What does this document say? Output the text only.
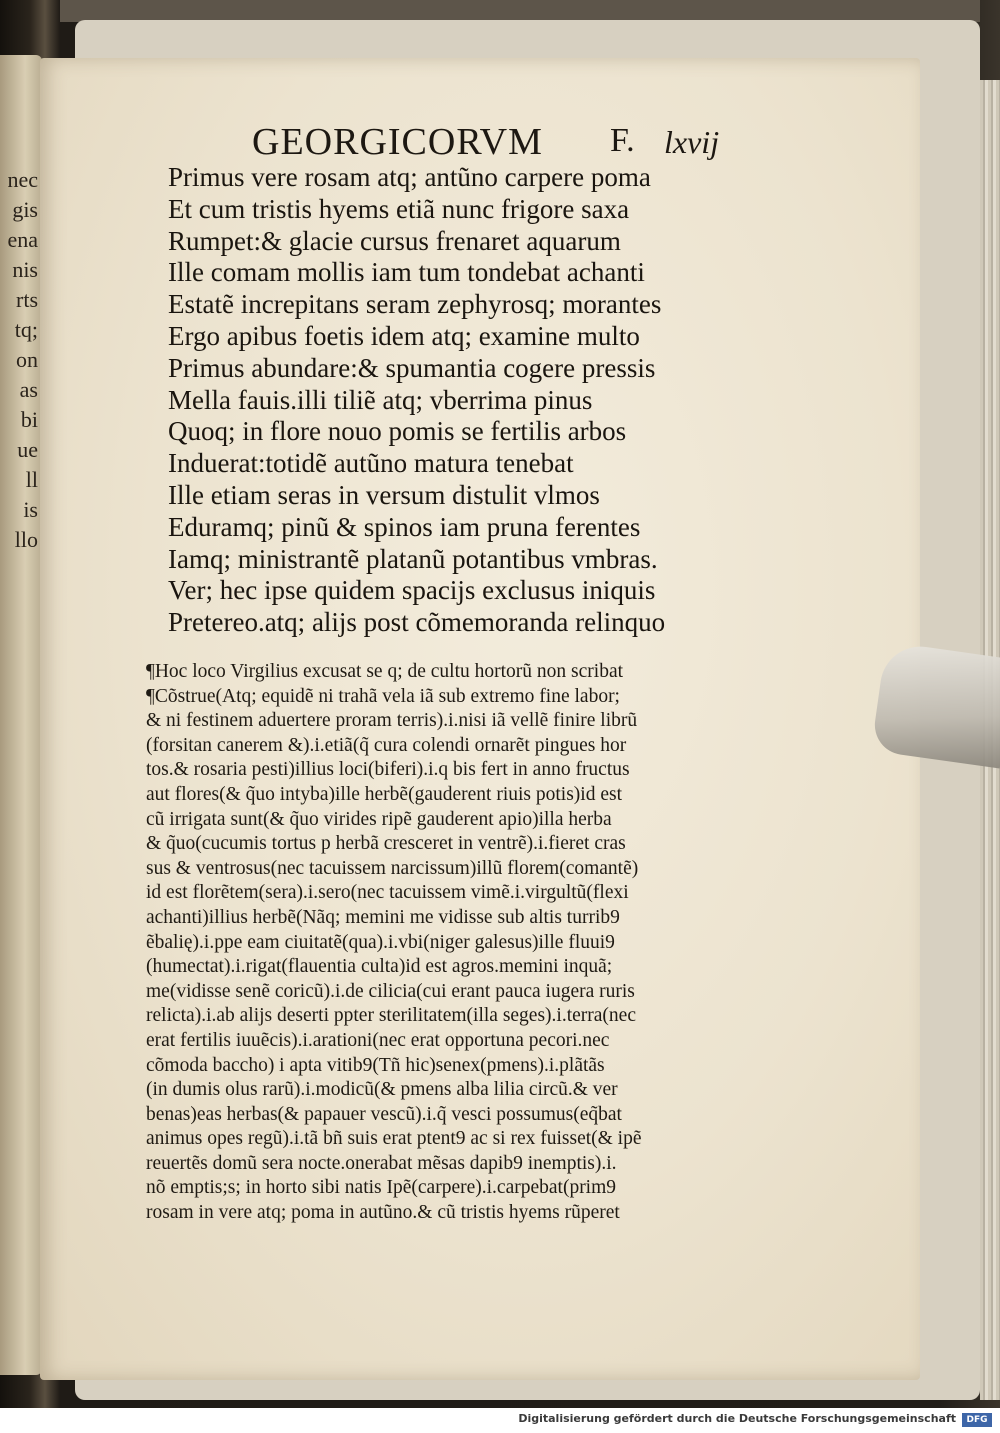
nec
gis
ena
nis
rts
tq;
on
as
bi
ue
ll
is
llo
GEORGICORVM F. lxvij
Primus vere rosam atq; antũno carpere poma
Et cum tristis hyems etiã nunc frigore saxa
Rumpet:& glacie cursus frenaret aquarum
Ille comam mollis iam tum tondebat achanti
Estatẽ increpitans seram zephyrosq; morantes
Ergo apibus foetis idem atq; examine multo
Primus abundare:& spumantia cogere pressis
Mella fauis.illi tiliẽ atq; vberrima pinus
Quoq; in flore nouo pomis se fertilis arbos
Induerat:totidẽ autũno matura tenebat
Ille etiam seras in versum distulit vlmos
Eduramq; pinũ & spinos iam pruna ferentes
Iamq; ministrantẽ platanũ potantibus vmbras.
Ver; hec ipse quidem spacijs exclusus iniquis
Pretereo.atq; alijs post cõmemoranda relinquo
¶Hoc loco Virgilius excusat se q; de cultu hortorũ non scribat
¶Cõstrue(Atq; equidẽ ni trahã vela iã sub extremo fine labor;
& ni festinem aduertere proram terris).i.nisi iã vellẽ finire librũ
(forsitan canerem &).i.etiã(q̃ cura colendi ornarẽt pingues hor
tos.& rosaria pesti)illius loci(biferi).i.q bis fert in anno fructus
aut flores(& q̃uo intyba)ille herbẽ(gauderent riuis potis)id est
cũ irrigata sunt(& q̃uo virides ripẽ gauderent apio)illa herba
& q̃uo(cucumis tortus p herbã cresceret in ventrẽ).i.fieret cras
sus & ventrosus(nec tacuissem narcissum)illũ florem(comantẽ)
id est florẽtem(sera).i.sero(nec tacuissem vimẽ.i.virgultũ(flexi
achanti)illius herbẽ(Nãq; memini me vidisse sub altis turrib9
ẽbalię).i.ppe eam ciuitatẽ(qua).i.vbi(niger galesus)ille fluui9
(humectat).i.rigat(flauentia culta)id est agros.memini inquã;
me(vidisse senẽ coricũ).i.de cilicia(cui erant pauca iugera ruris
relicta).i.ab alijs deserti ppter sterilitatem(illa seges).i.terra(nec
erat fertilis iuuẽcis).i.arationi(nec erat opportuna pecori.nec
cõmoda baccho) i apta vitib9(Tñ hic)senex(pmens).i.plãtãs
(in dumis olus rarũ).i.modicũ(& pmens alba lilia circũ.& ver
benas)eas herbas(& papauer vescũ).i.q̃ vesci possumus(eq̃bat
animus opes regũ).i.tã bñ suis erat ptent9 ac si rex fuisset(& ipẽ
reuertẽs domũ sera nocte.onerabat mẽsas dapib9 inemptis).i.
nõ emptis;s; in horto sibi natis Ipẽ(carpere).i.carpebat(prim9
rosam in vere atq; poma in autũno.& cũ tristis hyems rũperet
Digitalisierung gefördert durch die Deutsche Forschungsgemeinschaft	DFG
